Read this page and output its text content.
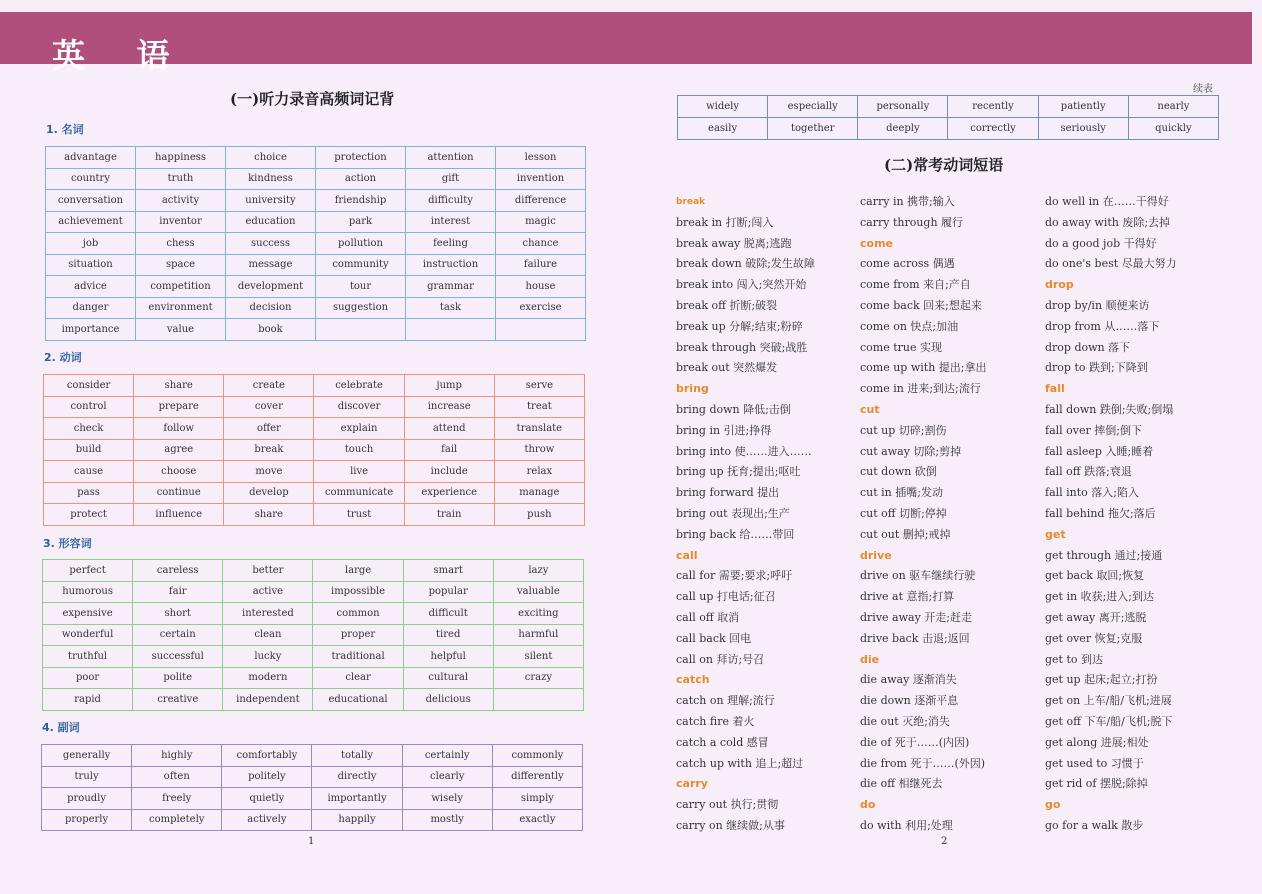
英 语
(一)听力录音高频词记背
1. 名词
advantage	happiness	choice	protection	attention	lesson
country	truth	kindness	action	gift	invention
conversation	activity	university	friendship	difficulty	difference
achievement	inventor	education	park	interest	magic
job	chess	success	pollution	feeling	chance
situation	space	message	community	instruction	failure
advice	competition	development	tour	grammar	house
danger	environment	decision	suggestion	task	exercise
importance	value	book			
2. 动词
consider	share	create	celebrate	jump	serve
control	prepare	cover	discover	increase	treat
check	follow	offer	explain	attend	translate
build	agree	break	touch	fail	throw
cause	choose	move	live	include	relax
pass	continue	develop	communicate	experience	manage
protect	influence	share	trust	train	push
3. 形容词
perfect	careless	better	large	smart	lazy
humorous	fair	active	impossible	popular	valuable
expensive	short	interested	common	difficult	exciting
wonderful	certain	clean	proper	tired	harmful
truthful	successful	lucky	traditional	helpful	silent
poor	polite	modern	clear	cultural	crazy
rapid	creative	independent	educational	delicious	
4. 副词
generally	highly	comfortably	totally	certainly	commonly
truly	often	politely	directly	clearly	differently
proudly	freely	quietly	importantly	wisely	simply
properly	completely	actively	happily	mostly	exactly
1
续表
widely	especially	personally	recently	patiently	nearly
easily	together	deeply	correctly	seriously	quickly
(二)常考动词短语
break
break in 打断;闯入
break away 脱离;逃跑
break down 破除;发生故障
break into 闯入;突然开始
break off 折断;破裂
break up 分解;结束;粉碎
break through 突破;战胜
break out 突然爆发
bring
bring down 降低;击倒
bring in 引进;挣得
bring into 使……进入……
bring up 抚育;提出;呕吐
bring forward 提出
bring out 表现出;生产
bring back 给……带回
call
call for 需要;要求;呼吁
call up 打电话;征召
call off 取消
call back 回电
call on 拜访;号召
catch
catch on 理解;流行
catch fire 着火
catch a cold 感冒
catch up with 追上;超过
carry
carry out 执行;贯彻
carry on 继续做;从事
carry in 携带;输入
carry through 履行
come
come across 偶遇
come from 来自;产自
come back 回来;想起来
come on 快点;加油
come true 实现
come up with 提出;拿出
come in 进来;到达;流行
cut
cut up 切碎;割伤
cut away 切除;剪掉
cut down 砍倒
cut in 插嘴;发动
cut off 切断;停掉
cut out 删掉;戒掉
drive
drive on 驱车继续行驶
drive at 意指;打算
drive away 开走;赶走
drive back 击退;返回
die
die away 逐渐消失
die down 逐渐平息
die out 灭绝;消失
die of 死于……(内因)
die from 死于……(外因)
die off 相继死去
do
do with 利用;处理
do well in 在……干得好
do away with 废除;去掉
do a good job 干得好
do one's best 尽最大努力
drop
drop by/in 顺便来访
drop from 从……落下
drop down 落下
drop to 跌到;下降到
fall
fall down 跌倒;失败;倒塌
fall over 摔倒;倒下
fall asleep 入睡;睡着
fall off 跌落;衰退
fall into 落入;陷入
fall behind 拖欠;落后
get
get through 通过;接通
get back 取回;恢复
get in 收获;进入;到达
get away 离开;逃脱
get over 恢复;克服
get to 到达
get up 起床;起立;打扮
get on 上车/船/飞机;进展
get off 下车/船/飞机;脱下
get along 进展;相处
get used to 习惯于
get rid of 摆脱;除掉
go
go for a walk 散步
2
